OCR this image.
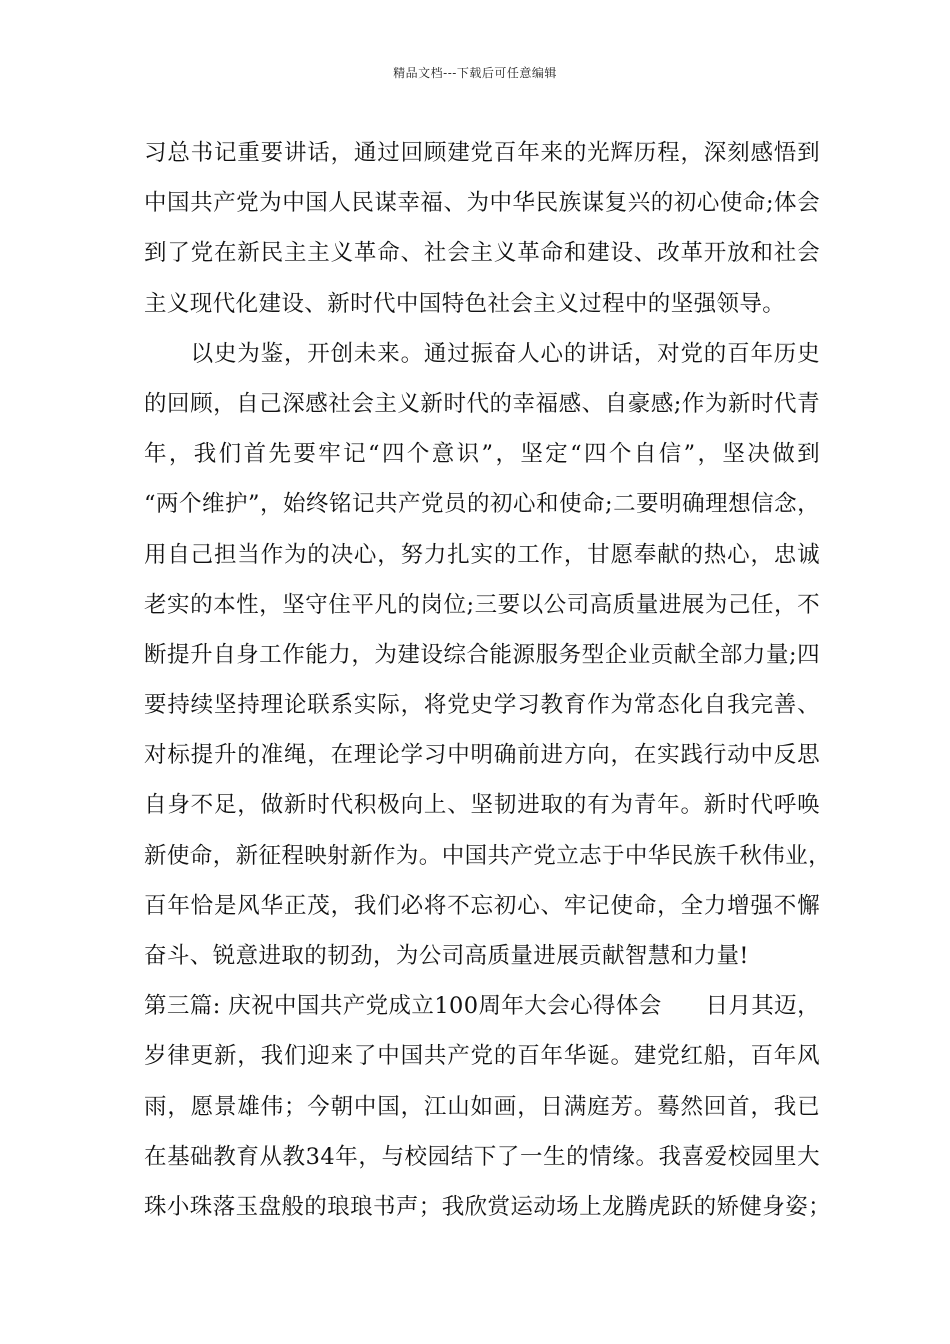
精品文档---下载后可任意编辑
习总书记重要讲话，通过回顾建党百年来的光辉历程，深刻感悟到
中国共产党为中国人民谋幸福、为中华民族谋复兴的初心使命;体会
到了党在新民主主义革命、社会主义革命和建设、改革开放和社会
主义现代化建设、新时代中国特色社会主义过程中的坚强领导。
　　以史为鉴，开创未来。通过振奋人心的讲话，对党的百年历史
的回顾，自己深感社会主义新时代的幸福感、自豪感;作为新时代青
年，我们首先要牢记“四个意识”，坚定“四个自信”，坚决做到
“两个维护”，始终铭记共产党员的初心和使命;二要明确理想信念，
用自己担当作为的决心，努力扎实的工作，甘愿奉献的热心，忠诚
老实的本性，坚守住平凡的岗位;三要以公司高质量进展为己任，不
断提升自身工作能力，为建设综合能源服务型企业贡献全部力量;四
要持续坚持理论联系实际，将党史学习教育作为常态化自我完善、
对标提升的准绳，在理论学习中明确前进方向，在实践行动中反思
自身不足，做新时代积极向上、坚韧进取的有为青年。新时代呼唤
新使命，新征程映射新作为。中国共产党立志于中华民族千秋伟业，
百年恰是风华正茂，我们必将不忘初心、牢记使命，全力增强不懈
奋斗、锐意进取的韧劲，为公司高质量进展贡献智慧和力量!
第三篇: 庆祝中国共产党成立100周年大会心得体会 日月其迈，
岁律更新，我们迎来了中国共产党的百年华诞。建党红船，百年风
雨，愿景雄伟；今朝中国，江山如画，日满庭芳。蓦然回首，我已
在基础教育从教34年，与校园结下了一生的情缘。我喜爱校园里大
珠小珠落玉盘般的琅琅书声；我欣赏运动场上龙腾虎跃的矫健身姿；
